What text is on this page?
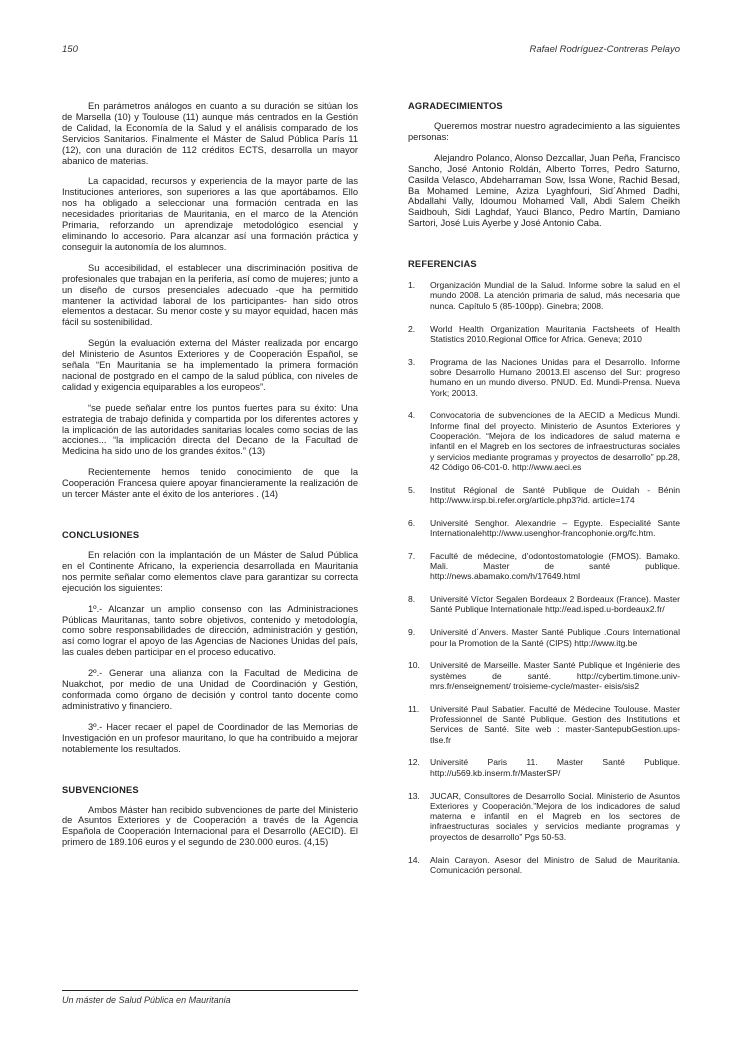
150	Rafael Rodríguez-Contreras Pelayo

En parámetros análogos en cuanto a su duración se sitúan los de Marsella (10) y Toulouse (11) aunque más centrados en la Gestión de Calidad, la Economía de la Salud y el análisis comparado de los Servicios Sanitarios. Finalmente el Máster de Salud Pública París 11 (12), con una duración de 112 créditos ECTS, desarrolla un mayor abanico de materias.

La capacidad, recursos y experiencia de la mayor parte de las Instituciones anteriores, son superiores a las que aportábamos. Ello nos ha obligado a seleccionar una formación centrada en las necesidades prioritarias de Mauritania, en el marco de la Atención Primaria, reforzando un aprendizaje metodológico esencial y eliminando lo accesorio. Para alcanzar así una formación práctica y conseguir la autonomía de los alumnos.

Su accesibilidad, el establecer una discriminación positiva de profesionales que trabajan en la periferia, así como de mujeres; junto a un diseño de cursos presenciales adecuado -que ha permitido mantener la actividad laboral de los participantes- han sido otros elementos a destacar. Su menor coste y su mayor equidad, hacen más fácil su sostenibilidad.

Según la evaluación externa del Máster realizada por encargo del Ministerio de Asuntos Exteriores y de Cooperación Español, se señala “En Mauritania se ha implementado la primera formación nacional de postgrado en el campo de la salud pública, con niveles de calidad y exigencia equiparables a los europeos”.

“se puede señalar entre los puntos fuertes para su éxito: Una estrategia de trabajo definida y compartida por los diferentes actores y la implicación de las autoridades sanitarias locales como socias de las acciones... “la implicación directa del Decano de la Facultad de Medicina ha sido uno de los grandes éxitos.” (13)

Recientemente hemos tenido conocimiento de que la Cooperación Francesa quiere apoyar financieramente la realización de un tercer Máster ante el éxito de los anteriores . (14)

CONCLUSIONES

En relación con la implantación de un Máster de Salud Pública en el Continente Africano, la experiencia desarrollada en Mauritania nos permite señalar como elementos clave para garantizar su correcta ejecución los siguientes:

1º.- Alcanzar un amplio consenso con las Administraciones Públicas Mauritanas, tanto sobre objetivos, contenido y metodología, como sobre responsabilidades de dirección, administración y gestión, así como lograr el apoyo de las Agencias de Naciones Unidas del país, las cuales deben participar en el proceso educativo.

2º.- Generar una alianza con la Facultad de Medicina de Nuakchot, por medio de una Unidad de Coordinación y Gestión, conformada como órgano de decisión y control tanto docente como administrativo y financiero.

3º.- Hacer recaer el papel de Coordinador de las Memorias de Investigación en un profesor mauritano, lo que ha contribuido a mejorar notablemente los resultados.

SUBVENCIONES

Ambos Máster han recibido subvenciones de parte del Ministerio de Asuntos Exteriores y de Cooperación a través de la Agencia Española de Cooperación Internacional para el Desarrollo (AECID). El primero de 189.106 euros y el segundo de 230.000 euros. (4,15)

AGRADECIMIENTOS

Queremos mostrar nuestro agradecimiento a las siguientes personas:

Alejandro Polanco, Alonso Dezcallar, Juan Peña, Francisco Sancho, José Antonio Roldán, Alberto Torres, Pedro Saturno, Casilda Velasco, Abdeharraman Sow, Issa Wone, Rachid Besad, Ba Mohamed Lemine, Aziza Lyaghfouri, Sid´Ahmed Dadhi, Abdallahi Vally, Idoumou Mohamed Vall, Abdi Salem Cheikh Saidbouh, Sidi Laghdaf, Yauci Blanco, Pedro Martín, Damiano Sartori, José Luis Ayerbe y José Antonio Caba.

REFERENCIAS
1.	Organización Mundial de la Salud. Informe sobre la salud en el mundo 2008. La atención primaria de salud, más necesaria que nunca. Capítulo 5 (85-100pp). Ginebra; 2008.
2.	World Health Organization Mauritania Factsheets of Health Statistics 2010.Regional Office for Africa. Geneva; 2010
3.	Programa de las Naciones Unidas para el Desarrollo. Informe sobre Desarrollo Humano 20013.El ascenso del Sur: progreso humano en un mundo diverso. PNUD. Ed. Mundi-Prensa. Nueva York; 20013.
4.	Convocatoria de subvenciones de la AECID a Medicus Mundi. Informe final del proyecto. Ministerio de Asuntos Exteriores y Cooperación. “Mejora de los indicadores de salud materna e infantil en el Magreb en los sectores de infraestructuras sociales y servicios mediante programas y proyectos de desarrollo” pp.28, 42 Código 06-C01-0. http://www.aeci.es
5.	Institut Régional de Santé Publique de Ouidah - Bénin http://www.irsp.bi.refer.org/article.php3?id. article=174
6.	Université Senghor. Alexandrie – Egypte. Especialité Sante Internationalehttp://www.usenghor-francophonie.org/fc.htm.
7.	Faculté de médecine, d’odontostomatologie (FMOS). Bamako. Mali. Master de santé publique. http://news.abamako.com/h/17649.html
8.	Université Víctor Segalen Bordeaux 2 Bordeaux (France). Master Santé Publique Internationale http://ead.isped.u-bordeaux2.fr/
9.	Université d´Anvers. Master Santé Publique .Cours International pour la Promotion de la Santé (CIPS) http://www.itg.be
10.	Université de Marseille. Master Santé Publique et Ingénierie des systèmes de santé. http://cybertim.timone.univ-mrs.fr/enseignement/ troisieme-cycle/master- eisis/sis2
11.	Université Paul Sabatier. Faculté de Médecine Toulouse. Master Professionnel de Santé Publique. Gestion des Institutions et Services de Santé. Site web : master-SantepubGestion.ups-tlse.fr
12.	Université Paris 11. Master Santé Publique. http://u569.kb.inserm.fr/MasterSP/
13.	JUCAR, Consultores de Desarrollo Social. Ministerio de Asuntos Exteriores y Cooperación.”Mejora de los indicadores de salud materna e infantil en el Magreb en los sectores de infraestructuras sociales y servicios mediante programas y proyectos de desarrollo” Pgs 50-53.
14.	Alain Carayon. Asesor del Ministro de Salud de Mauritania. Comunicación personal.
Un máster de Salud Pública en Mauritania
